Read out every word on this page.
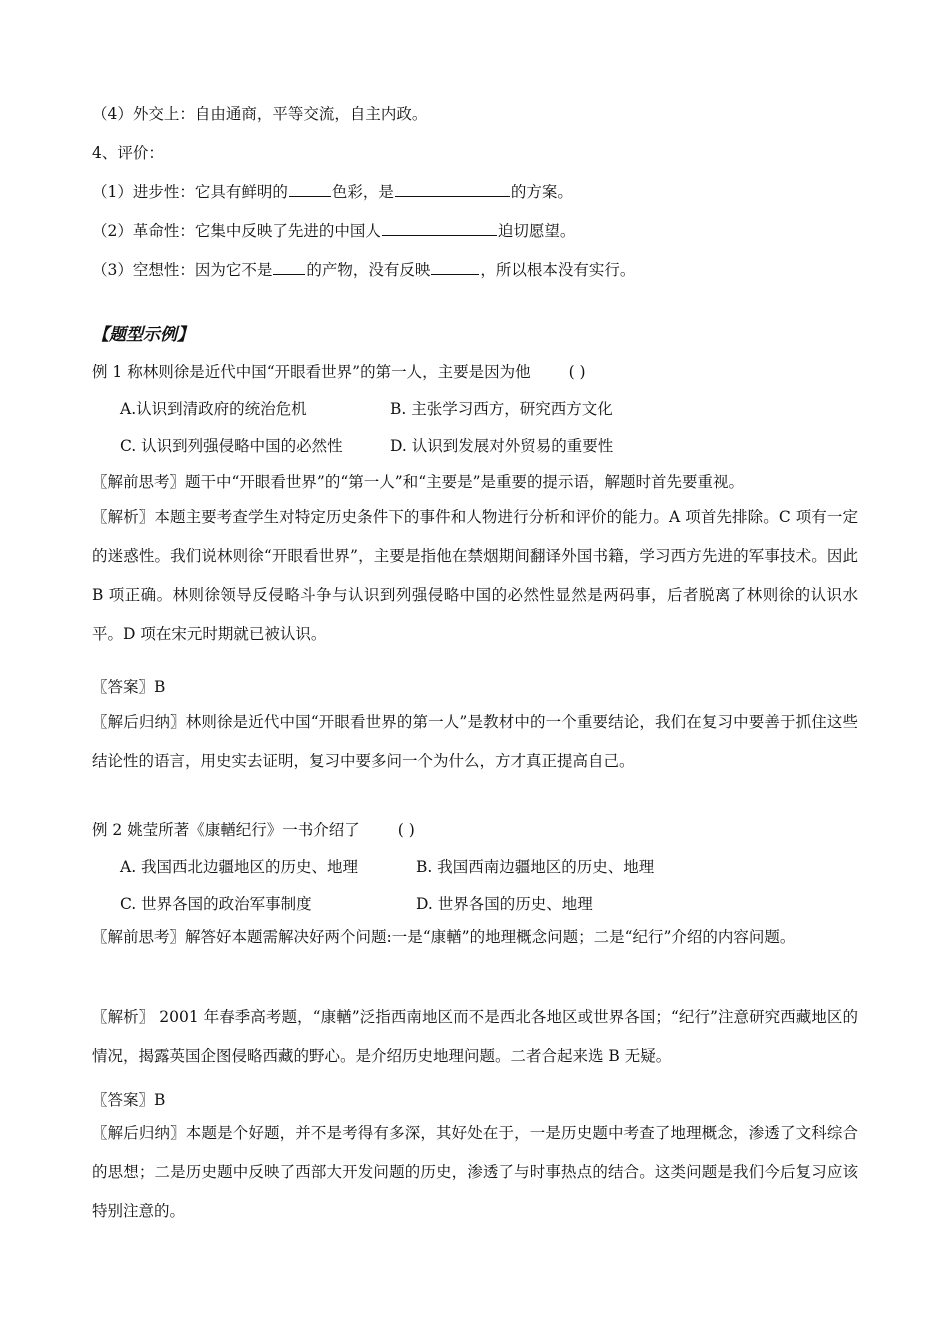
（4）外交上：自由通商，平等交流，自主内政。
4、评价：
（1）进步性：它具有鲜明的	色彩，是	的方案。
（2）革命性：它集中反映了先进的中国人	迫切愿望。
（3）空想性：因为它不是 的产物，没有反映	，所以根本没有实行。
【题型示例】
例 1 称林则徐是近代中国“开眼看世界”的第一人，主要是因为他 ( )
A.认识到清政府的统治危机	B. 主张学习西方，研究西方文化
C. 认识到列强侵略中国的必然性	D. 认识到发展对外贸易的重要性
〖解前思考〗题干中“开眼看世界”的“第一人”和“主要是”是重要的提示语，解题时首先要重视。
〖解析〗本题主要考查学生对特定历史条件下的事件和人物进行分析和评价的能力。A 项首先排除。C 项有一定的迷惑性。我们说林则徐“开眼看世界”，主要是指他在禁烟期间翻译外国书籍，学习西方先进的军事技术。因此 B 项正确。林则徐领导反侵略斗争与认识到列强侵略中国的必然性显然是两码事，后者脱离了林则徐的认识水平。D 项在宋元时期就已被认识。
〖答案〗B
〖解后归纳〗林则徐是近代中国“开眼看世界的第一人”是教材中的一个重要结论，我们在复习中要善于抓住这些结论性的语言，用史实去证明，复习中要多问一个为什么，方才真正提高自己。
例 2 姚莹所著《康輶纪行》一书介绍了 ( )
A. 我国西北边疆地区的历史、地理	B. 我国西南边疆地区的历史、地理
C. 世界各国的政治军事制度	D. 世界各国的历史、地理
〖解前思考〗解答好本题需解决好两个问题:一是“康輶”的地理概念问题；二是“纪行”介绍的内容问题。
〖解析〗 2001 年春季高考题，“康輶”泛指西南地区而不是西北各地区或世界各国；“纪行”注意研究西藏地区的情况，揭露英国企图侵略西藏的野心。是介绍历史地理问题。二者合起来选 B 无疑。
〖答案〗B
〖解后归纳〗本题是个好题，并不是考得有多深，其好处在于，一是历史题中考查了地理概念，渗透了文科综合的思想；二是历史题中反映了西部大开发问题的历史，渗透了与时事热点的结合。这类问题是我们今后复习应该特别注意的。
